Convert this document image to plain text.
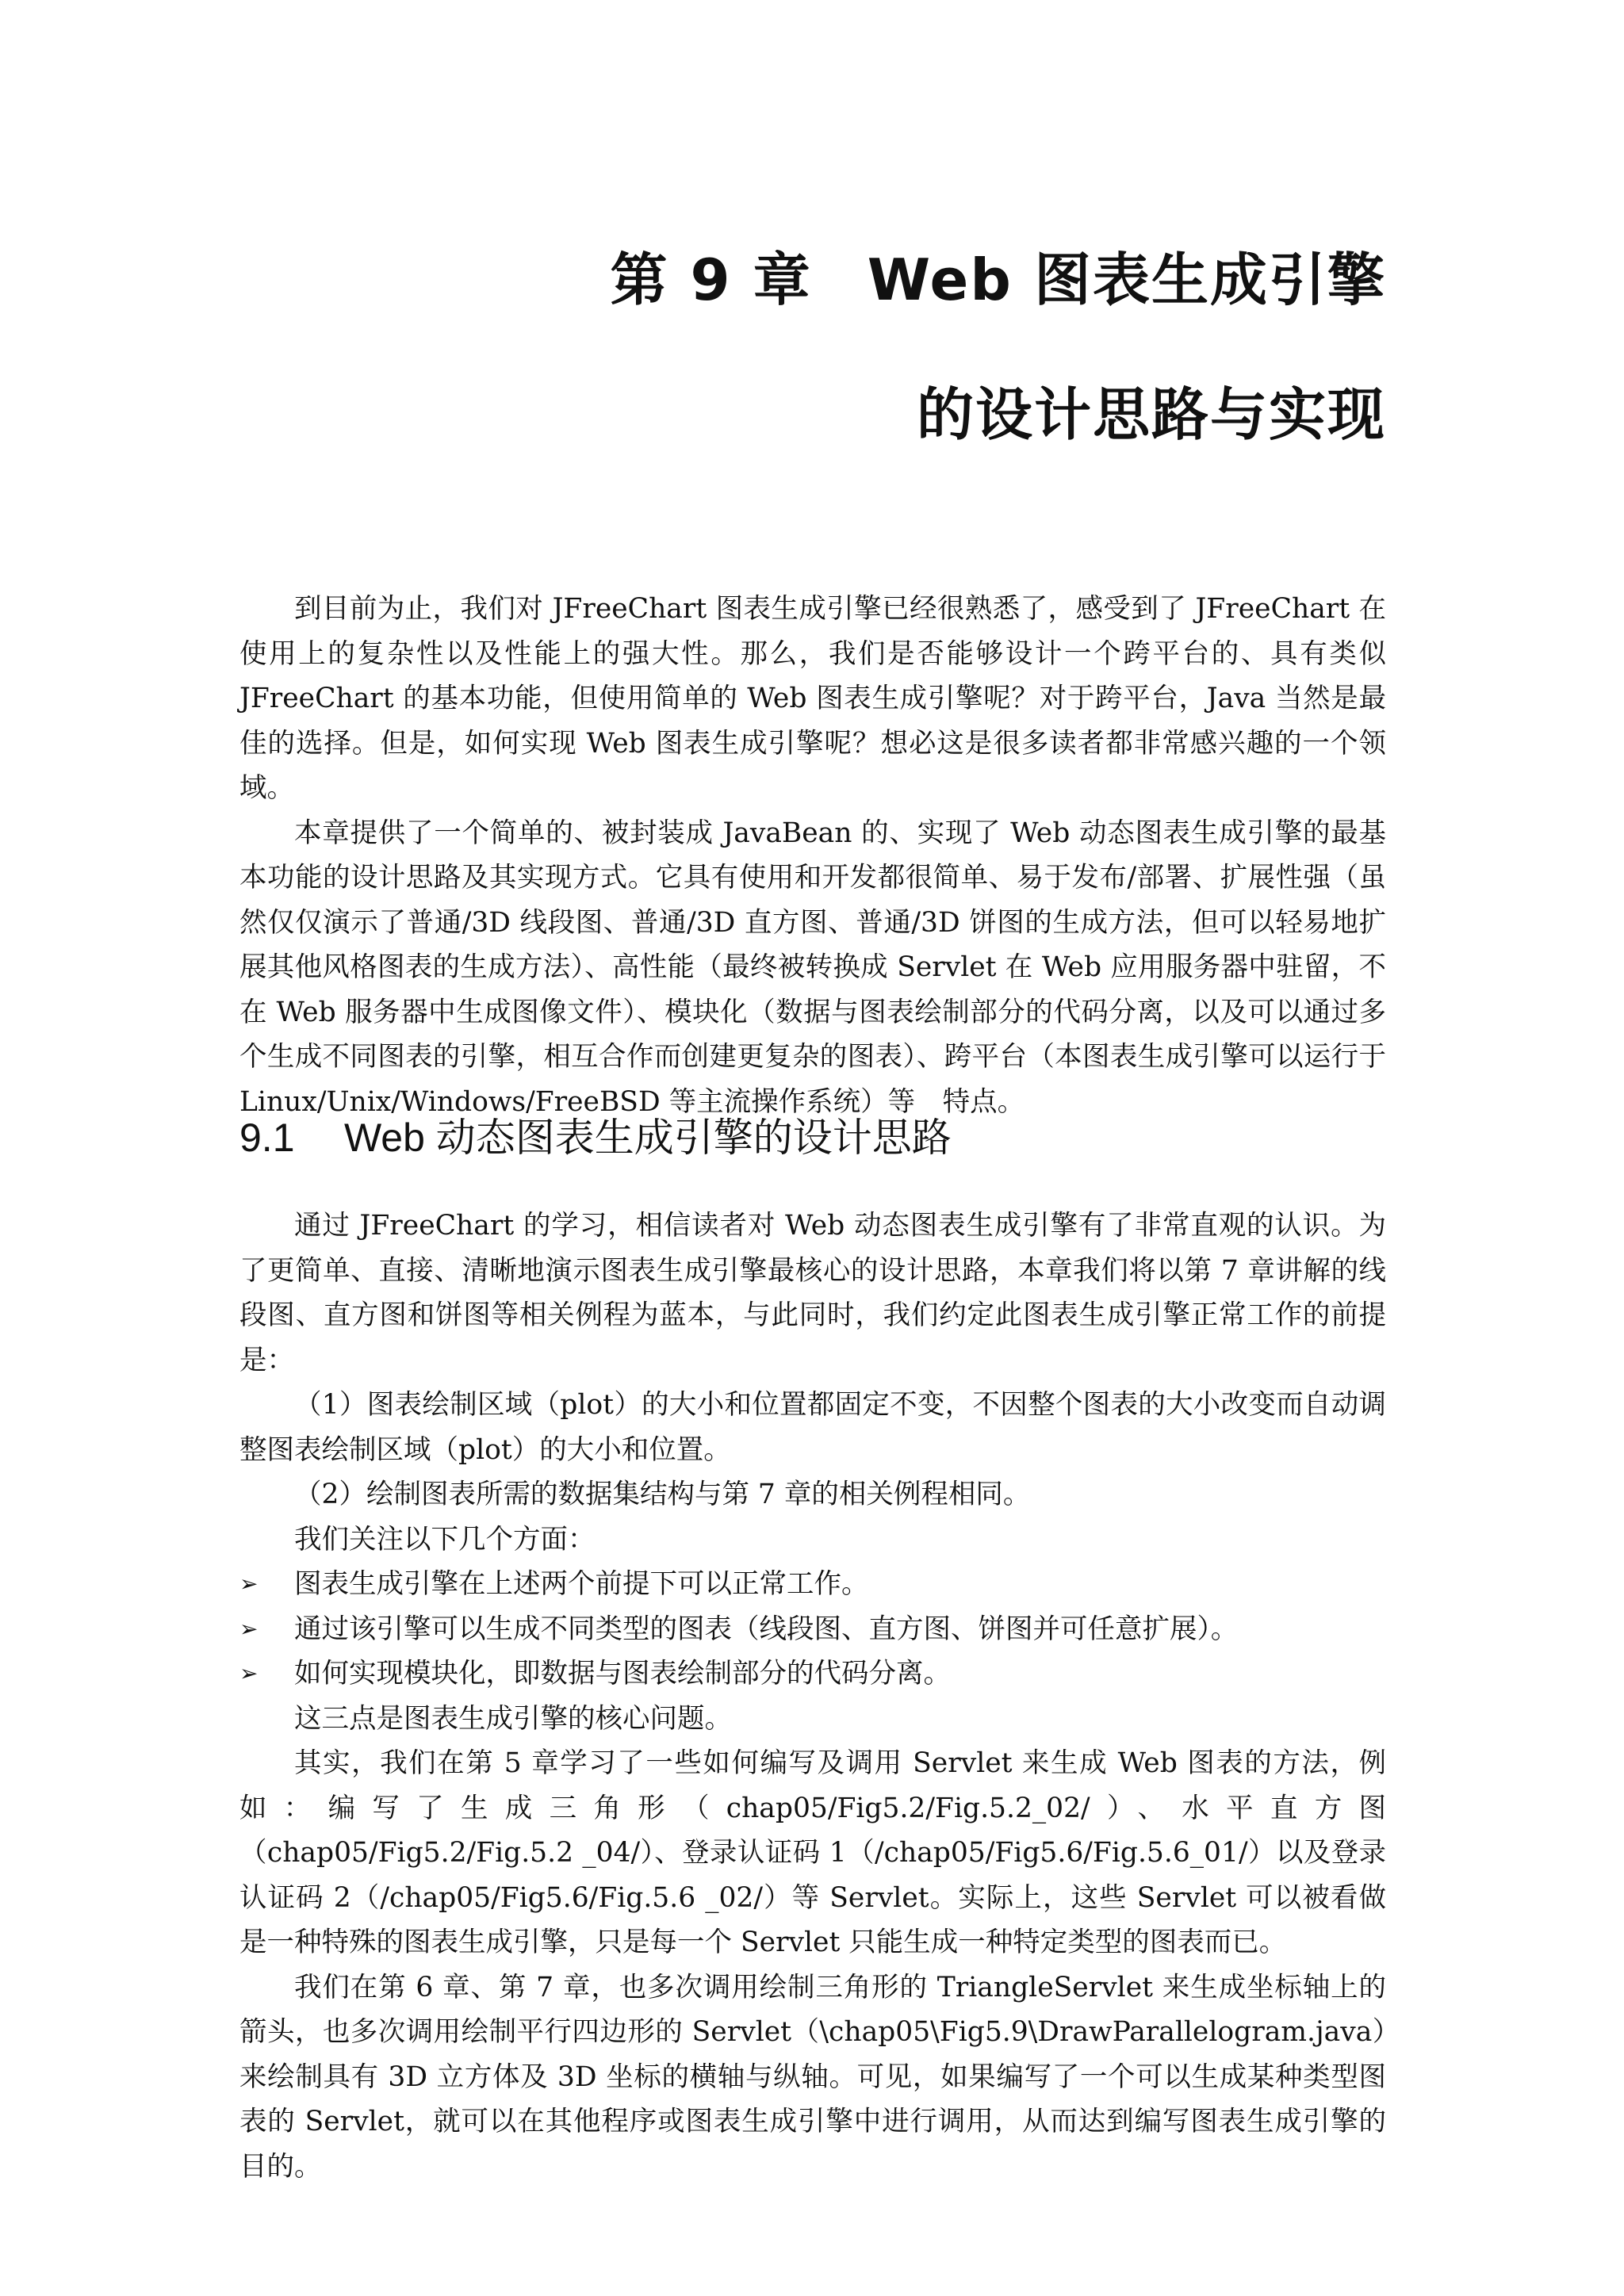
第 9 章 Web 图表生成引擎
的设计思路与实现

到目前为止，我们对 JFreeChart 图表生成引擎已经很熟悉了，感受到了 JFreeChart 在使用上的复杂性以及性能上的强大性。那么，我们是否能够设计一个跨平台的、具有类似 JFreeChart 的基本功能，但使用简单的 Web 图表生成引擎呢？对于跨平台，Java 当然是最佳的选择。但是，如何实现 Web 图表生成引擎呢？想必这是很多读者都非常感兴趣的一个领域。

本章提供了一个简单的、被封装成 JavaBean 的、实现了 Web 动态图表生成引擎的最基本功能的设计思路及其实现方式。它具有使用和开发都很简单、易于发布/部署、扩展性强（虽然仅仅演示了普通/3D 线段图、普通/3D 直方图、普通/3D 饼图的生成方法，但可以轻易地扩展其他风格图表的生成方法）、高性能（最终被转换成 Servlet 在 Web 应用服务器中驻留，不在 Web 服务器中生成图像文件）、模块化（数据与图表绘制部分的代码分离，以及可以通过多个生成不同图表的引擎，相互合作而创建更复杂的图表）、跨平台（本图表生成引擎可以运行于 Linux/Unix/Windows/FreeBSD 等主流操作系统）等　特点。

9.1 Web 动态图表生成引擎的设计思路

通过 JFreeChart 的学习，相信读者对 Web 动态图表生成引擎有了非常直观的认识。为了更简单、直接、清晰地演示图表生成引擎最核心的设计思路，本章我们将以第 7 章讲解的线段图、直方图和饼图等相关例程为蓝本，与此同时，我们约定此图表生成引擎正常工作的前提是：

（1）图表绘制区域（plot）的大小和位置都固定不变，不因整个图表的大小改变而自动调整图表绘制区域（plot）的大小和位置。

（2）绘制图表所需的数据集结构与第 7 章的相关例程相同。

我们关注以下几个方面：

➢	图表生成引擎在上述两个前提下可以正常工作。
➢	通过该引擎可以生成不同类型的图表（线段图、直方图、饼图并可任意扩展）。
➢	如何实现模块化，即数据与图表绘制部分的代码分离。

这三点是图表生成引擎的核心问题。

其实，我们在第 5 章学习了一些如何编写及调用 Servlet 来生成 Web 图表的方法，例如：编写了生成三角形（chap05/Fig5.2/Fig.5.2_02/）、水平直方图（chap05/Fig5.2/Fig.5.2 _04/）、登录认证码 1（/chap05/Fig5.6/Fig.5.6_01/）以及登录认证码 2（/chap05/Fig5.6/Fig.5.6 _02/）等 Servlet。实际上，这些 Servlet 可以被看做是一种特殊的图表生成引擎，只是每一个 Servlet 只能生成一种特定类型的图表而已。

我们在第 6 章、第 7 章，也多次调用绘制三角形的 TriangleServlet 来生成坐标轴上的箭头，也多次调用绘制平行四边形的 Servlet（\chap05\Fig5.9\DrawParallelogram.java）来绘制具有 3D 立方体及 3D 坐标的横轴与纵轴。可见，如果编写了一个可以生成某种类型图表的 Servlet，就可以在其他程序或图表生成引擎中进行调用，从而达到编写图表生成引擎的目的。
